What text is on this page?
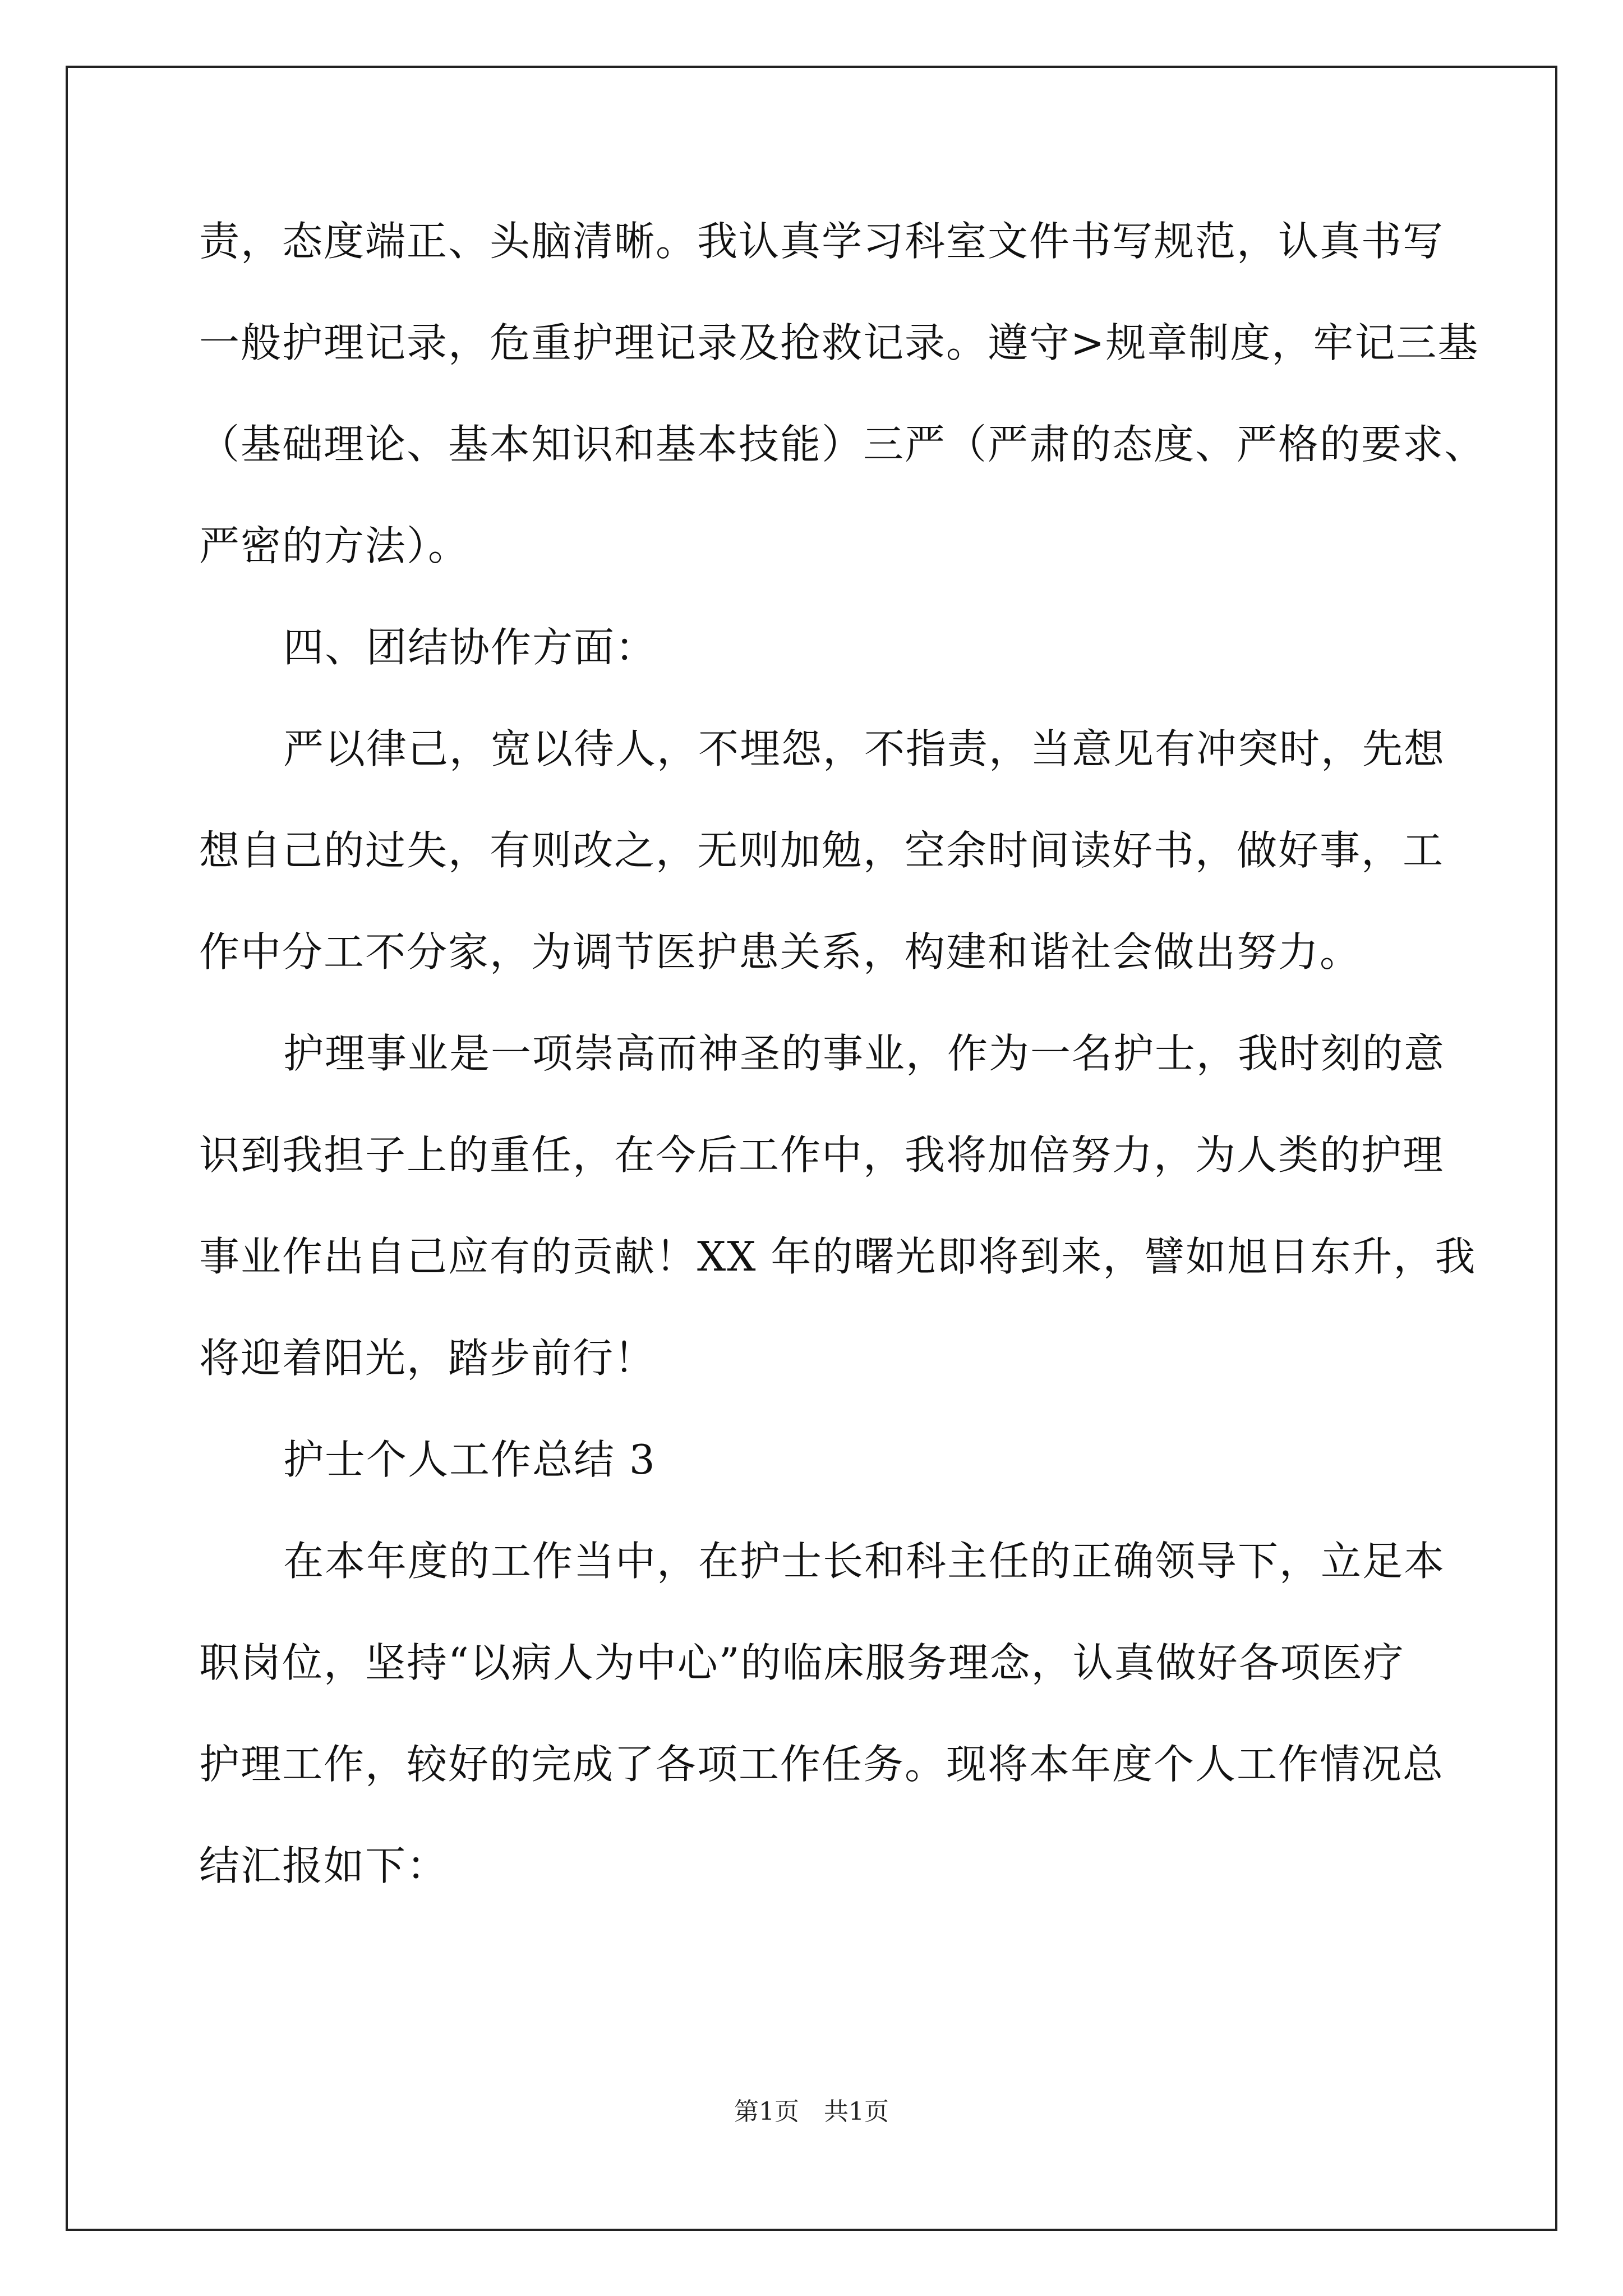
责，态度端正、头脑清晰。我认真学习科室文件书写规范，认真书写
一般护理记录，危重护理记录及抢救记录。遵守>规章制度，牢记三基
（基础理论、基本知识和基本技能）三严（严肃的态度、严格的要求、
严密的方法）。
四、团结协作方面：
严以律己，宽以待人，不埋怨，不指责，当意见有冲突时，先想
想自己的过失，有则改之，无则加勉，空余时间读好书，做好事，工
作中分工不分家，为调节医护患关系，构建和谐社会做出努力。
护理事业是一项崇高而神圣的事业，作为一名护士，我时刻的意
识到我担子上的重任，在今后工作中，我将加倍努力，为人类的护理
事业作出自己应有的贡献！XX 年的曙光即将到来，譬如旭日东升，我
将迎着阳光，踏步前行！
护士个人工作总结 3
在本年度的工作当中，在护士长和科主任的正确领导下，立足本
职岗位，坚持“以病人为中心”的临床服务理念，认真做好各项医疗
护理工作，较好的完成了各项工作任务。现将本年度个人工作情况总
结汇报如下：
第1页　共1页
